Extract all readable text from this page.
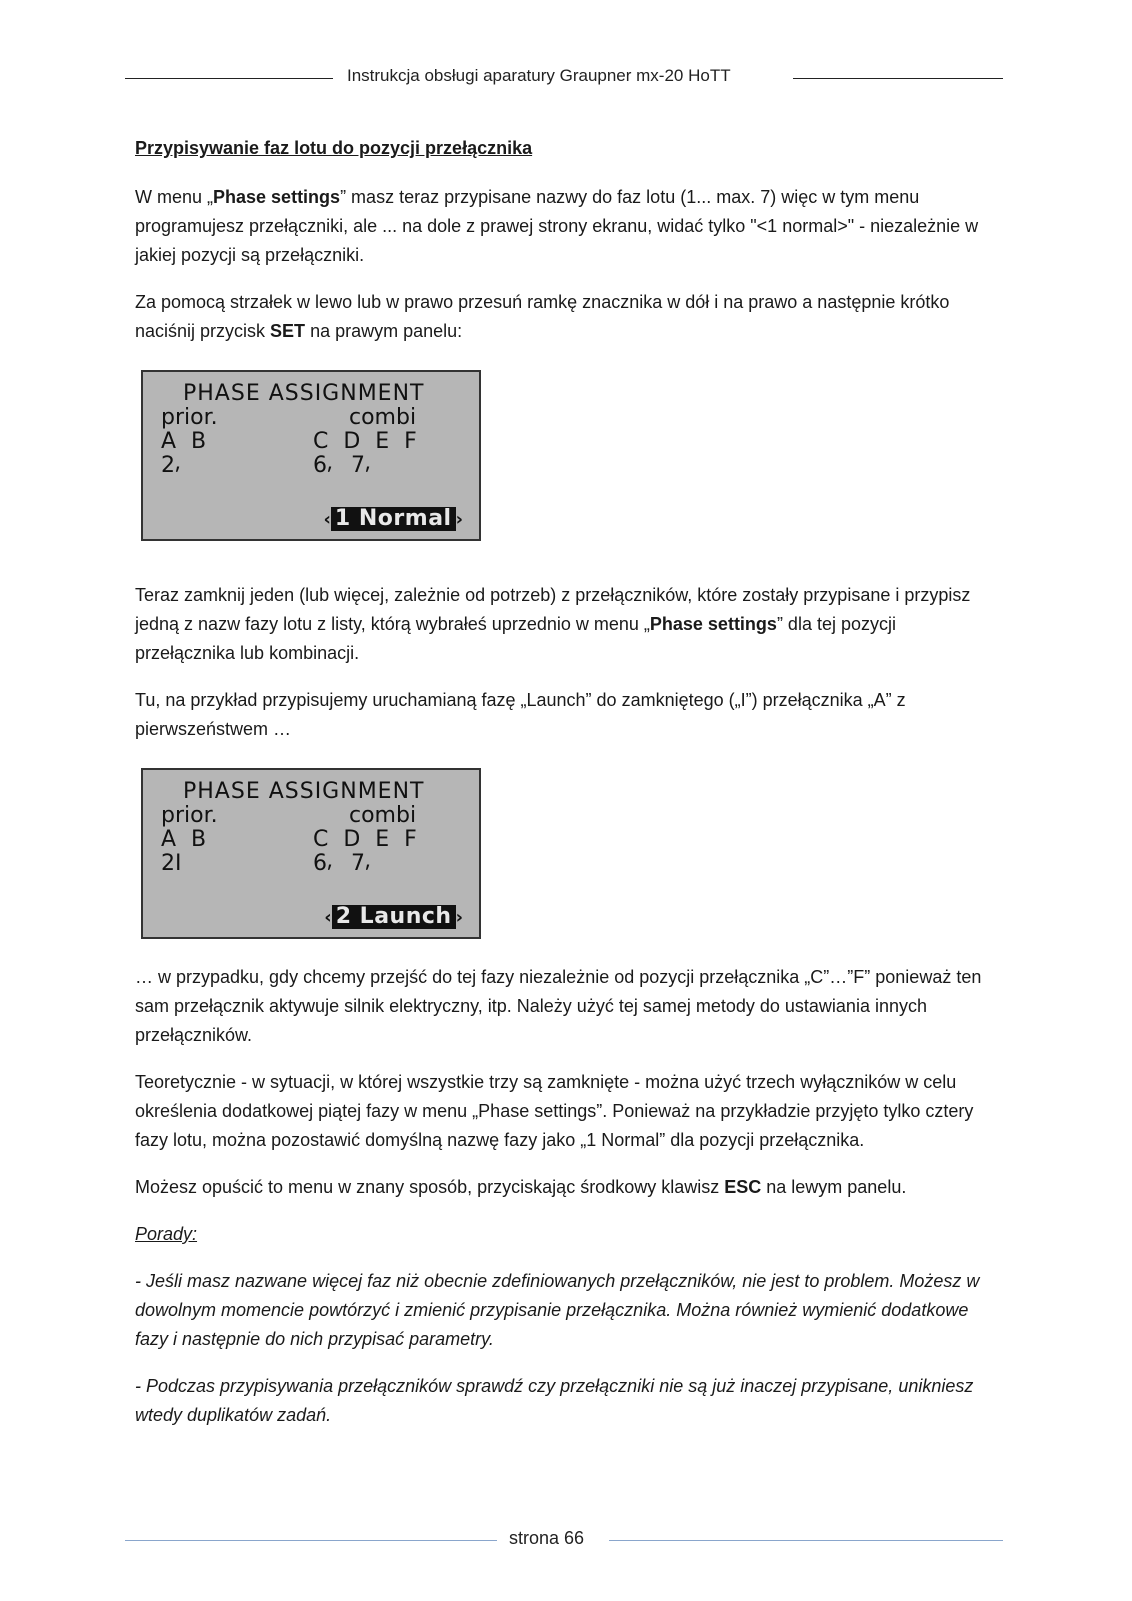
Instrukcja obsługi aparatury Graupner mx-20 HoTT

Przypisywanie faz lotu do pozycji przełącznika

W menu „Phase settings” masz teraz przypisane nazwy do faz lotu (1... max. 7) więc w tym menu programujesz przełączniki, ale ... na dole z prawej strony ekranu, widać tylko "<1 normal>" - niezależnie w jakiej pozycji są przełączniki.

Za pomocą strzałek w lewo lub w prawo przesuń ramkę znacznika w dół i na prawo a następnie krótko naciśnij przycisk SET na prawym panelu:

PHASE ASSIGNMENT
prior.	combi
A B	C D E F
2⸴	6⸴ 7⸴
‹ 1 Normal ›

Teraz zamknij jeden (lub więcej, zależnie od potrzeb) z przełączników, które zostały przypisane i przypisz jedną z nazw fazy lotu z listy, którą wybrałeś uprzednio w menu „Phase settings” dla tej pozycji przełącznika lub kombinacji.

Tu, na przykład przypisujemy uruchamianą fazę „Launch” do zamkniętego („I”) przełącznika „A” z pierwszeństwem …

PHASE ASSIGNMENT
prior.	combi
A B	C D E F
2I	6⸴ 7⸴
‹ 2 Launch ›

… w przypadku, gdy chcemy przejść do tej fazy niezależnie od pozycji przełącznika „C”…”F” ponieważ ten sam przełącznik aktywuje silnik elektryczny, itp. Należy użyć tej samej metody do ustawiania innych przełączników.

Teoretycznie - w sytuacji, w której wszystkie trzy są zamknięte - można użyć trzech wyłączników w celu określenia dodatkowej piątej fazy w menu „Phase settings”. Ponieważ na przykładzie przyjęto tylko cztery fazy lotu, można pozostawić domyślną nazwę fazy jako „1 Normal” dla pozycji przełącznika.

Możesz opuścić to menu w znany sposób, przyciskając środkowy klawisz ESC na lewym panelu.

Porady:

- Jeśli masz nazwane więcej faz niż obecnie zdefiniowanych przełączników, nie jest to problem. Możesz w dowolnym momencie powtórzyć i zmienić przypisanie przełącznika. Można również wymienić dodatkowe fazy i następnie do nich przypisać parametry.

- Podczas przypisywania przełączników sprawdź czy przełączniki nie są już inaczej przypisane, unikniesz wtedy duplikatów zadań.

strona 66
